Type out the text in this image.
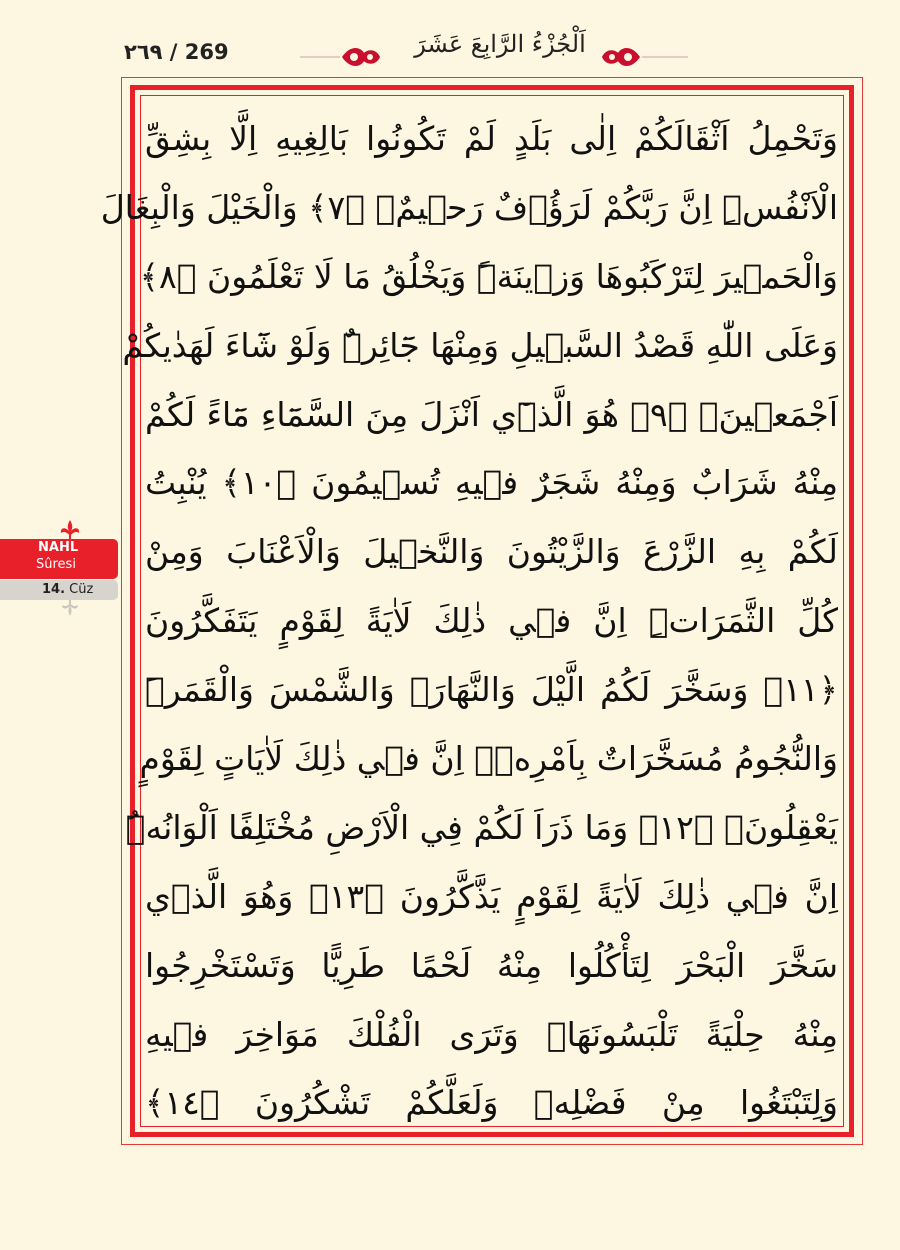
٢٦٩ / 269	اَلْجُزْءُ الرَّابِعَ عَشَرَ
وَتَحْمِلُ اَثْقَالَكُمْ اِلٰى بَلَدٍ لَمْ تَكُونُوا بَالِغِيهِ اِلَّا بِشِقِّ
الْاَنْفُسِۜ اِنَّ رَبَّكُمْ لَرَؤُ۫فٌ رَح۪يمٌۙ ﴿٧﴾ وَالْخَيْلَ وَالْبِغَالَ
وَالْحَم۪يرَ لِتَرْكَبُوهَا وَز۪ينَةًۜ وَيَخْلُقُ مَا لَا تَعْلَمُونَ ﴿٨﴾
وَعَلَى اللّٰهِ قَصْدُ السَّب۪يلِ وَمِنْهَا جَٓائِرٌۜ وَلَوْ شَٓاءَ لَهَدٰيكُمْ
اَجْمَع۪ينَ۟ ﴿٩﴾ هُوَ الَّذ۪ٓي اَنْزَلَ مِنَ السَّمَٓاءِ مَٓاءً لَكُمْ
مِنْهُ شَرَابٌ وَمِنْهُ شَجَرٌ ف۪يهِ تُس۪يمُونَ ﴿١٠﴾ يُنْبِتُ
لَكُمْ بِهِ الزَّرْعَ وَالزَّيْتُونَ وَالنَّخ۪يلَ وَالْاَعْنَابَ وَمِنْ
كُلِّ الثَّمَرَاتِۜ اِنَّ ف۪ي ذٰلِكَ لَاٰيَةً لِقَوْمٍ يَتَفَكَّرُونَ
﴿١١﴾ وَسَخَّرَ لَكُمُ الَّيْلَ وَالنَّهَارَۙ وَالشَّمْسَ وَالْقَمَرَۜ
وَالنُّجُومُ مُسَخَّرَاتٌ بِاَمْرِه۪ۜ اِنَّ ف۪ي ذٰلِكَ لَاٰيَاتٍ لِقَوْمٍ
يَعْقِلُونَۙ ﴿١٢﴾ وَمَا ذَرَاَ لَكُمْ فِي الْاَرْضِ مُخْتَلِفًا اَلْوَانُهُۜ
اِنَّ ف۪ي ذٰلِكَ لَاٰيَةً لِقَوْمٍ يَذَّكَّرُونَ ﴿١٣﴾ وَهُوَ الَّذ۪ي
سَخَّرَ الْبَحْرَ لِتَأْكُلُوا مِنْهُ لَحْمًا طَرِيًّا وَتَسْتَخْرِجُوا
مِنْهُ حِلْيَةً تَلْبَسُونَهَاۚ وَتَرَى الْفُلْكَ مَوَاخِرَ ف۪يهِ
وَلِتَبْتَغُوا مِنْ فَضْلِه۪ وَلَعَلَّكُمْ تَشْكُرُونَ ﴿١٤﴾
NAHL
Sûresi
14. Cüz
